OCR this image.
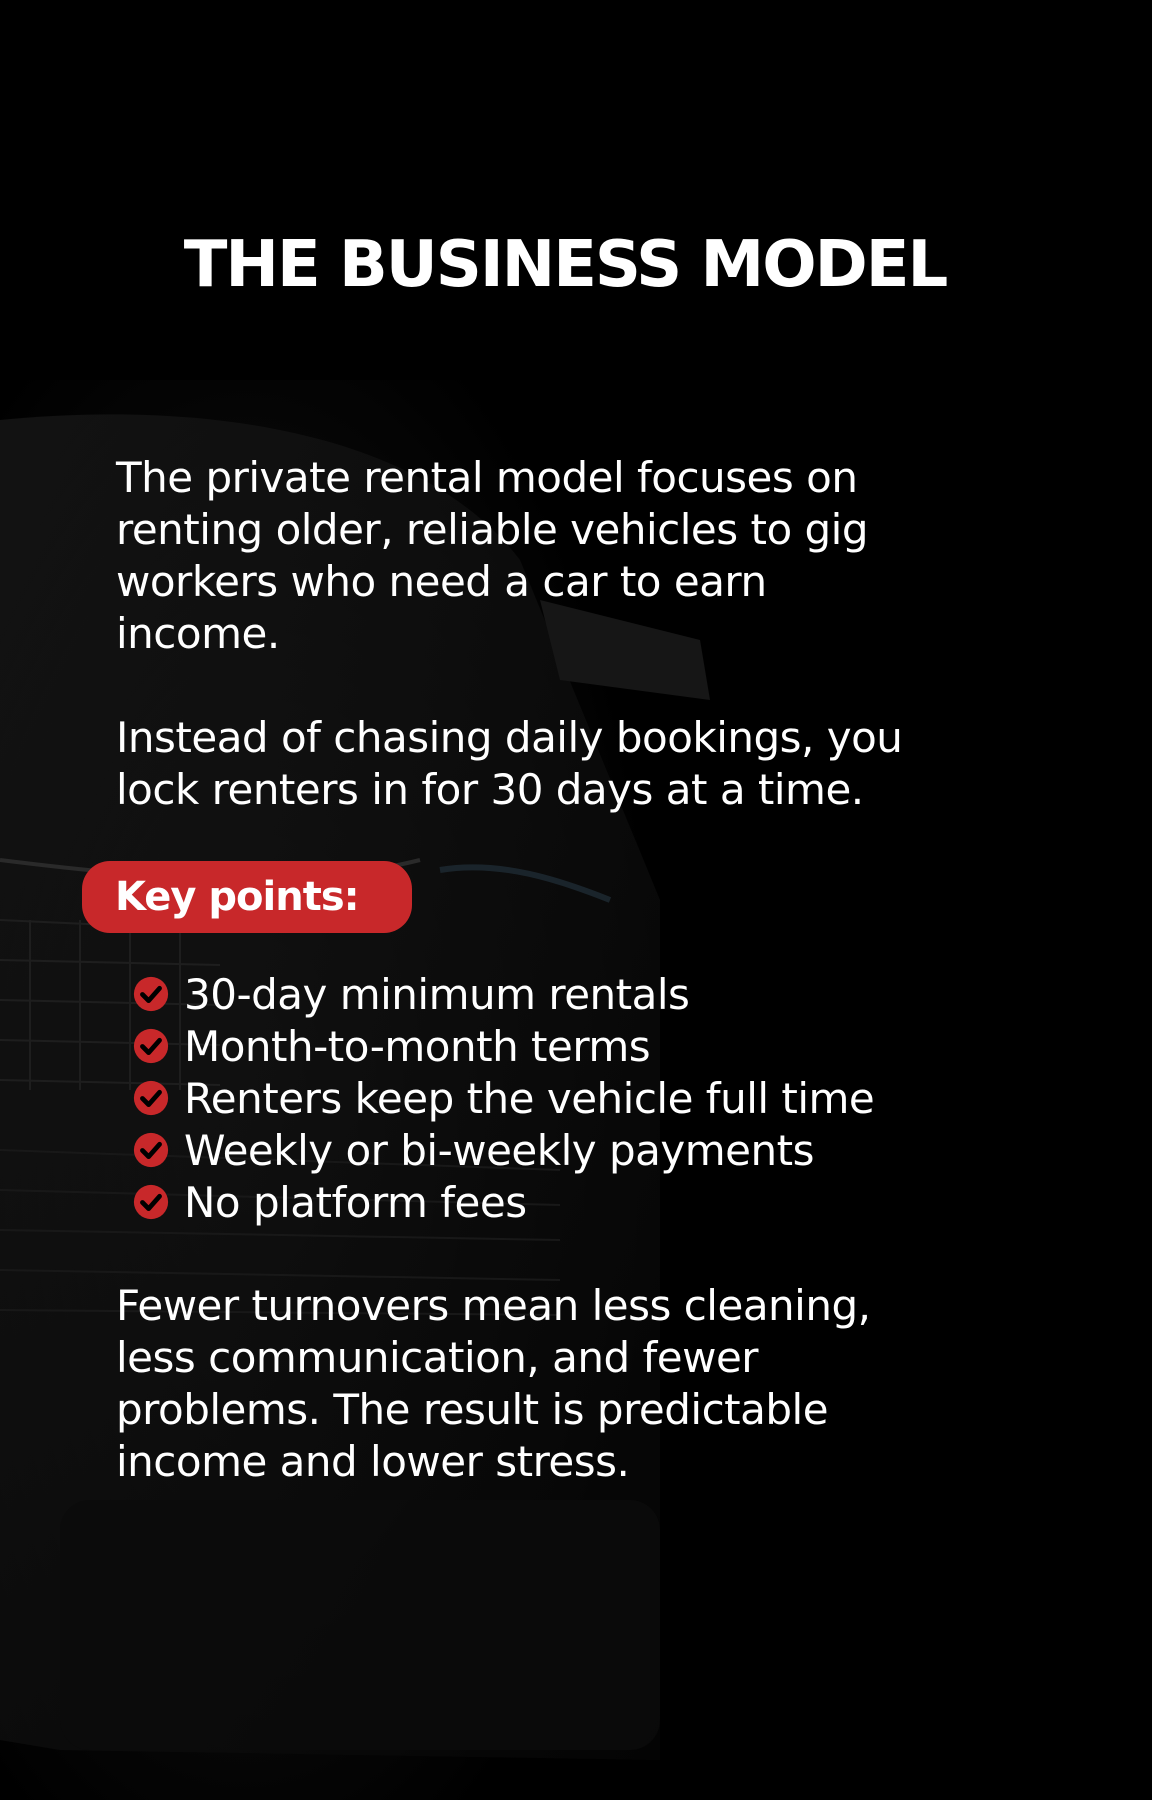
THE BUSINESS MODEL
The private rental model focuses on
renting older, reliable vehicles to gig
workers who need a car to earn
income.
Instead of chasing daily bookings, you
lock renters in for 30 days at a time.
Key points:
30-day minimum rentals
Month-to-month terms
Renters keep the vehicle full time
Weekly or bi-weekly payments
No platform fees
Fewer turnovers mean less cleaning,
less communication, and fewer
problems. The result is predictable
income and lower stress.
